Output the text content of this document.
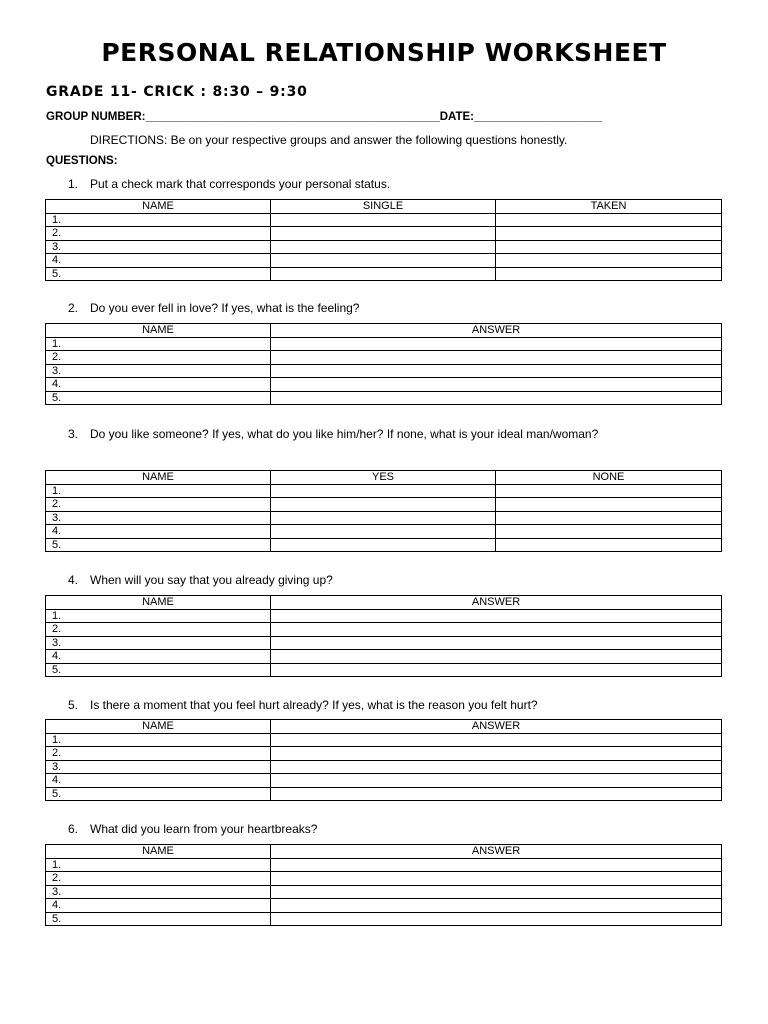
PERSONAL RELATIONSHIP WORKSHEET
GRADE 11- CRICK : 8:30 – 9:30
GROUP NUMBER:______________________________________________DATE:____________________
DIRECTIONS: Be on your respective groups and answer the following questions honestly.
QUESTIONS:
1. Put a check mark that corresponds your personal status.
NAME	SINGLE	TAKEN
1.		
2.		
3.		
4.		
5.		
2. Do you ever fell in love? If yes, what is the feeling?
NAME	ANSWER
1.	
2.	
3.	
4.	
5.	
3. Do you like someone? If yes, what do you like him/her? If none, what is your ideal man/woman?
NAME	YES	NONE
1.		
2.		
3.		
4.		
5.		
4. When will you say that you already giving up?
NAME	ANSWER
1.	
2.	
3.	
4.	
5.	
5. Is there a moment that you feel hurt already? If yes, what is the reason you felt hurt?
NAME	ANSWER
1.	
2.	
3.	
4.	
5.	
6. What did you learn from your heartbreaks?
NAME	ANSWER
1.	
2.	
3.	
4.	
5.	
